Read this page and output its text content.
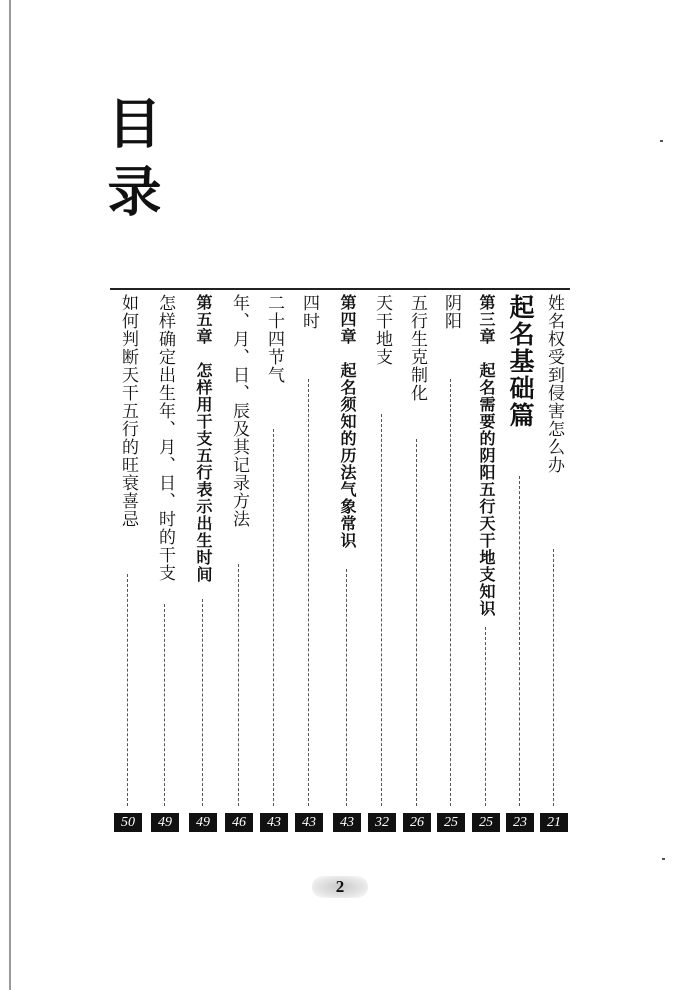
目
录
姓名权受到侵害怎么办
21
起名基础篇
23
第三章　起名需要的阴阳五行天干地支知识
25
阴阳
25
五行生克制化
26
天干地支
32
第四章　起名须知的历法气象常识
43
四时
43
二十四节气
43
年、月、日、辰及其记录方法
46
第五章　怎样用干支五行表示出生时间
49
怎样确定出生年、月、日、时的干支
49
如何判断天干五行的旺衰喜忌
50
2
